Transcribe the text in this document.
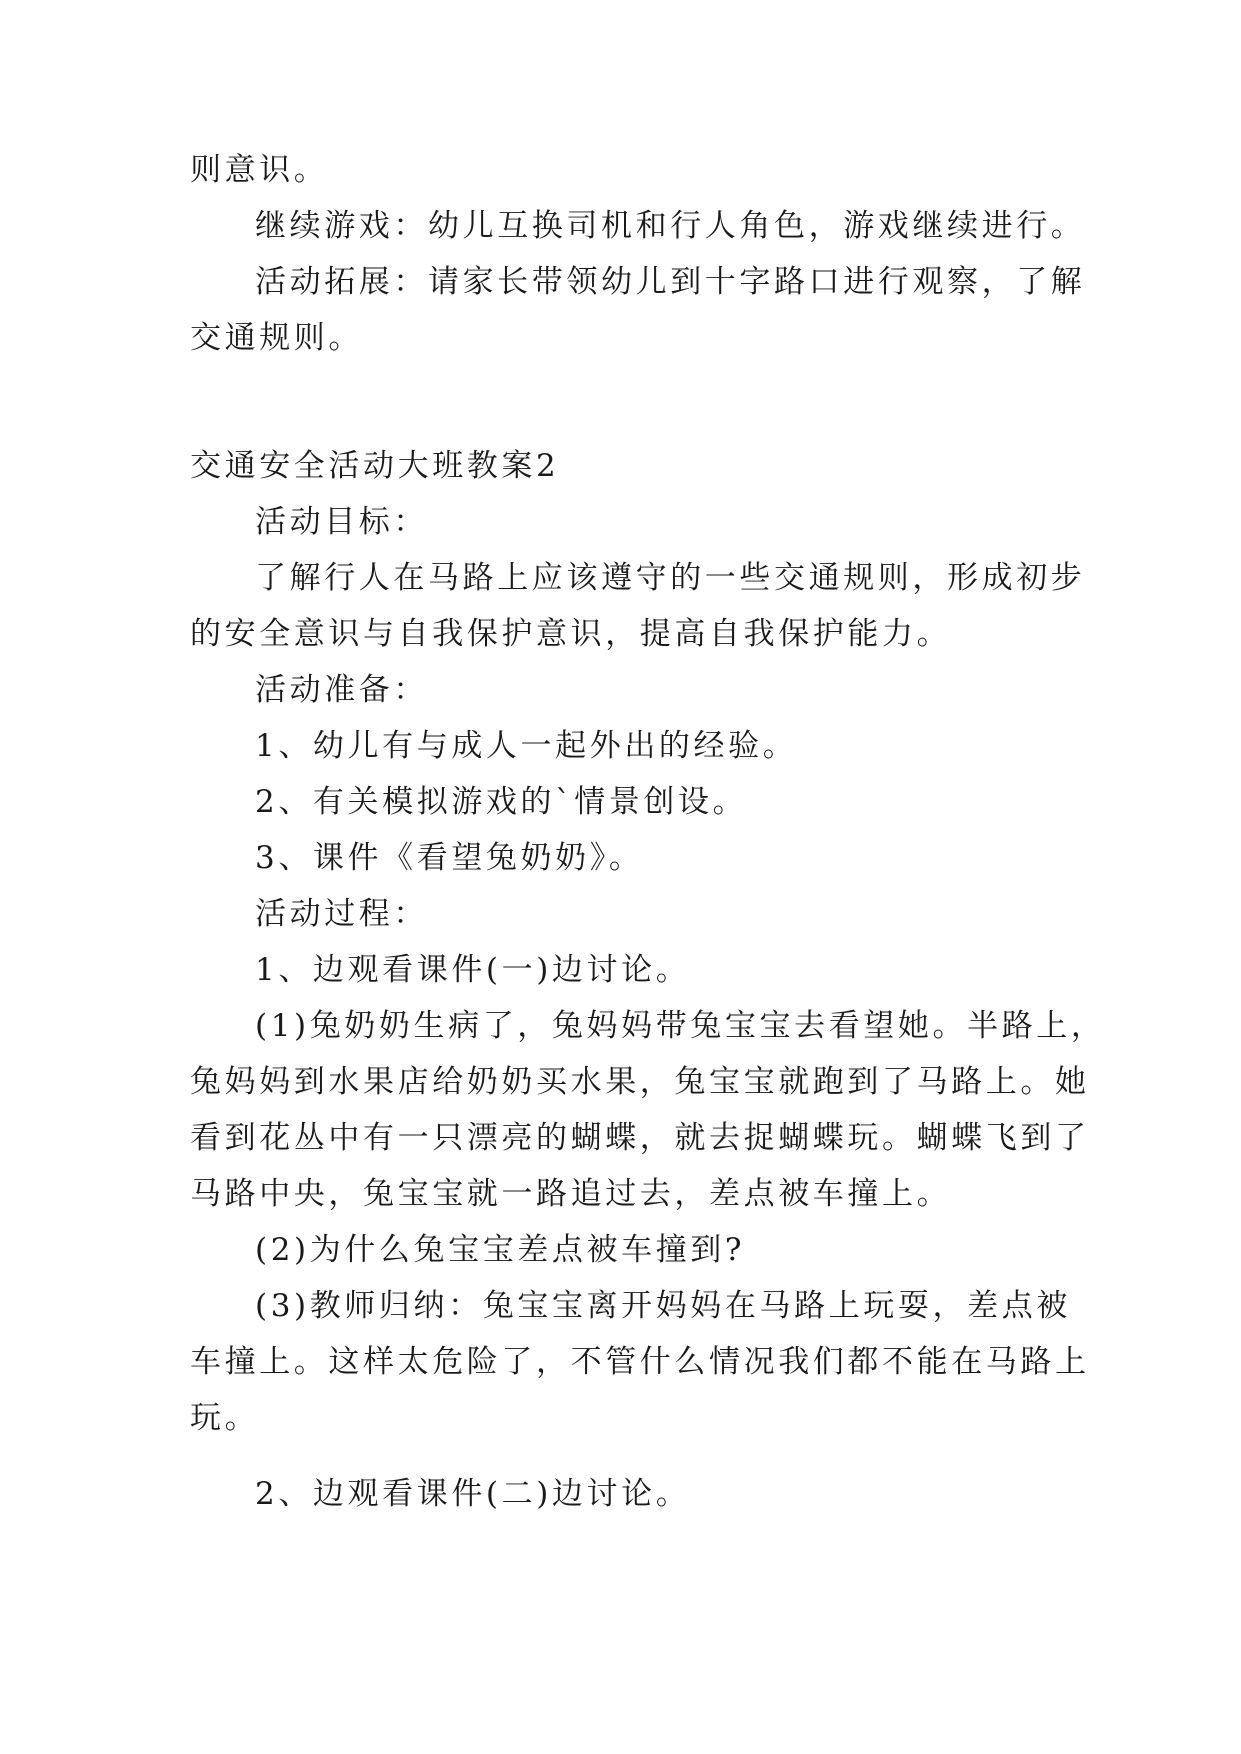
则意识。
继续游戏：幼儿互换司机和行人角色，游戏继续进行。
活动拓展：请家长带领幼儿到十字路口进行观察，了解
交通规则。
交通安全活动大班教案2
活动目标：
了解行人在马路上应该遵守的一些交通规则，形成初步
的安全意识与自我保护意识，提高自我保护能力。
活动准备：
1、幼儿有与成人一起外出的经验。
2、有关模拟游戏的`情景创设。
3、课件《看望兔奶奶》。
活动过程：
1、边观看课件(一)边讨论。
(1)兔奶奶生病了，兔妈妈带兔宝宝去看望她。半路上，
兔妈妈到水果店给奶奶买水果，兔宝宝就跑到了马路上。她
看到花丛中有一只漂亮的蝴蝶，就去捉蝴蝶玩。蝴蝶飞到了
马路中央，兔宝宝就一路追过去，差点被车撞上。
(2)为什么兔宝宝差点被车撞到?
(3)教师归纳：兔宝宝离开妈妈在马路上玩耍，差点被
车撞上。这样太危险了，不管什么情况我们都不能在马路上
玩。
2、边观看课件(二)边讨论。
